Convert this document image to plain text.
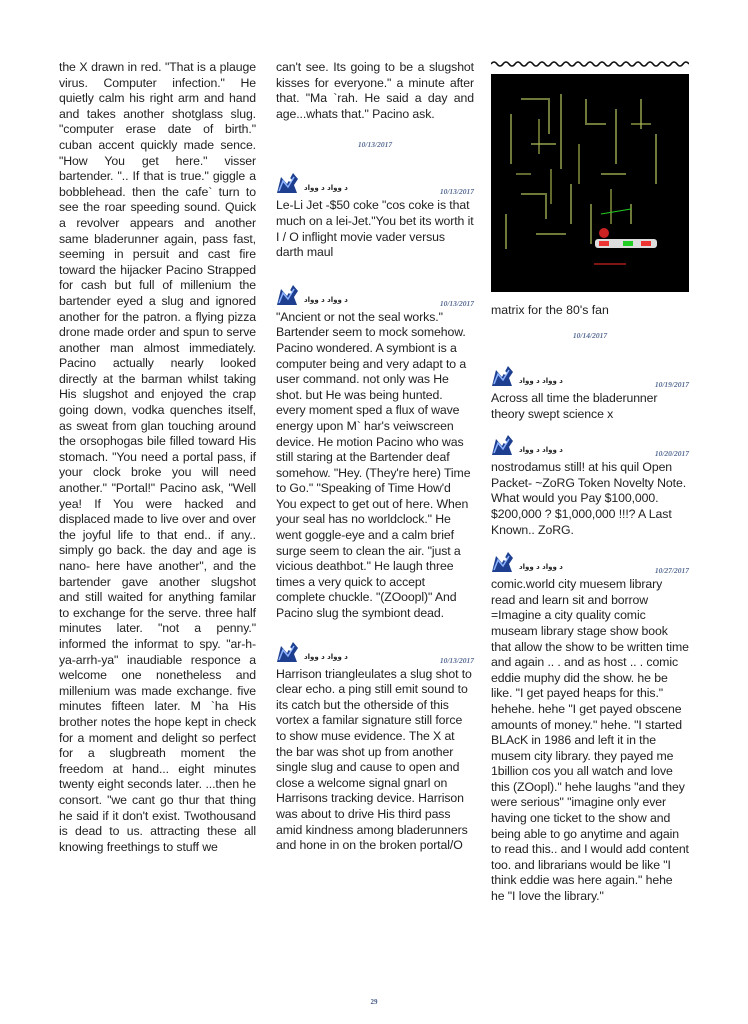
the X drawn in red. "That is a plauge virus. Computer infection." He quietly calm his right arm and hand and takes another shotglass slug. "computer erase date of birth." cuban accent quickly made sence. "How You get here." visser bartender. ".. If that is true." giggle a bobblehead. then the cafe` turn to see the roar speeding sound. Quick a revolver appears and another same bladerunner again, pass fast, seeming in persuit and cast fire toward the hijacker Pacino Strapped for cash but full of millenium the bartender eyed a slug and ignored another for the patron. a flying pizza drone made order and spun to serve another man almost immediately. Pacino actually nearly looked directly at the barman whilst taking His slugshot and enjoyed the crap going down, vodka quenches itself, as sweat from glan touching around the orsophogas bile filled toward His stomach. "You need a portal pass, if your clock broke you will need another." "Portal!" Pacino ask, "Well yea! If You were hacked and displaced made to live over and over the joyful life to that end.. if any.. simply go back. the day and age is nano- here have another", and the bartender gave another slugshot and still waited for anything familar to exchange for the serve. three half minutes later. "not a penny." informed the informat to spy. "ar-h-ya-arrh-ya" inaudiable responce a welcome one nonetheless and millenium was made exchange. five minutes fifteen later. M `ha His brother notes the hope kept in check for a moment and delight so perfect for a slugbreath moment the freedom at hand... eight minutes twenty eight seconds later. ...then he consort. "we cant go thur that thing he said if it don't exist. Twothousand is dead to us. attracting these all knowing freethings to stuff we

can't see. Its going to be a slugshot kisses for everyone." a minute after that. "Ma `rah. He said a day and age...whats that." Pacino ask.

10/13/2017
ﺩ ﻭﻭﺍﺩ ﺩ ﻭﻭﺍﺩ	10/13/2017

Le-Li Jet -$50 coke "cos coke is that much on a lei-Jet."You bet its worth it I / O inflight movie vader versus darth maul

ﺩ ﻭﻭﺍﺩ ﺩ ﻭﻭﺍﺩ	10/13/2017

"Ancient or not the seal works." Bartender seem to mock somehow. Pacino wondered. A symbiont is a computer being and very adapt to a user command. not only was He shot. but He was being hunted. every moment sped a flux of wave energy upon M` har's veiwscreen device. He motion Pacino who was still staring at the Bartender deaf somehow. "Hey. (They're here) Time to Go." "Speaking of Time How'd You expect to get out of here. When your seal has no worldclock." He went goggle-eye and a calm brief surge seem to clean the air. "just a vicious deathbot." He laugh three times a very quick to accept complete chuckle. "(ZOoopl)" And Pacino slug the symbiont dead.

ﺩ ﻭﻭﺍﺩ ﺩ ﻭﻭﺍﺩ	10/13/2017

Harrison triangleulates a slug shot to clear echo. a ping still emit sound to its catch but the otherside of this vortex a familar signature still force to show muse evidence. The X at the bar was shot up from another single slug and cause to open and close a welcome signal gnarl on Harrisons tracking device. Harrison was about to drive His third pass amid kindness among bladerunners and hone in on the broken portal/O

matrix for the 80's fan

10/14/2017
ﺩ ﻭﻭﺍﺩ ﺩ ﻭﻭﺍﺩ	10/19/2017

Across all time the bladerunner theory swept science x

ﺩ ﻭﻭﺍﺩ ﺩ ﻭﻭﺍﺩ	10/20/2017

nostrodamus still! at his quil Open Packet- ~ZoRG Token Novelty Note. What would you Pay $100,000. $200,000 ? $1,000,000 !!!? A Last Known.. ZoRG.

ﺩ ﻭﻭﺍﺩ ﺩ ﻭﻭﺍﺩ	10/27/2017

comic.world city muesem library read and learn sit and borrow =Imagine a city quality comic museam library stage show book that allow the show to be written time and again .. . and as host .. . comic eddie muphy did the show. he be like. "I get payed heaps for this." hehehe. hehe "I get payed obscene amounts of money." hehe. "I started BLAcK in 1986 and left it in the musem city library. they payed me 1billion cos you all watch and love this (ZOopl)." hehe laughs "and they were serious" "imagine only ever having one ticket to the show and being able to go anytime and again to read this.. and I would add content too. and librarians would be like "I think eddie was here again." hehe he "I love the library."

29
